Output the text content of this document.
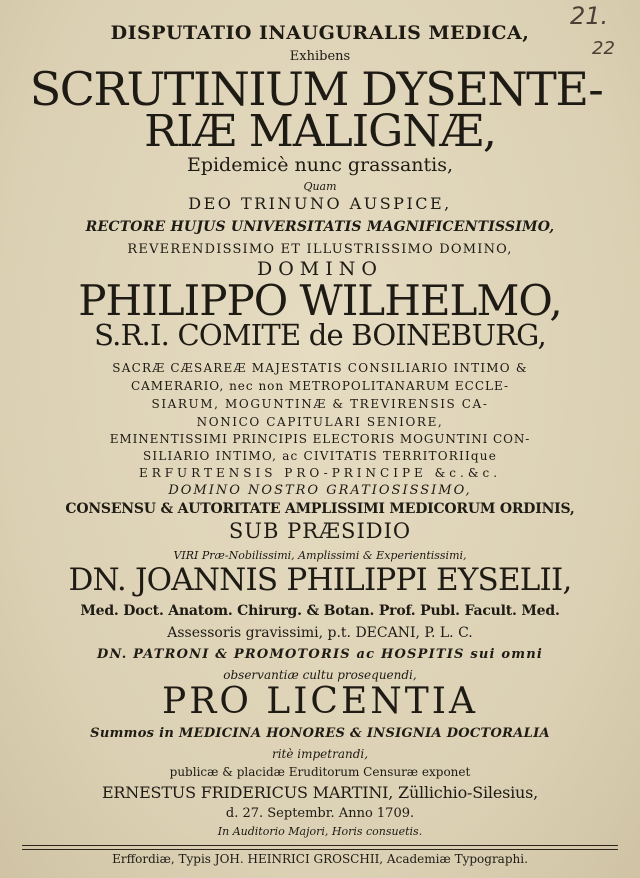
21.
22
DISPUTATIO INAUGURALIS MEDICA,
Exhibens
SCRUTINIUM DYSENTE-
RIÆ MALIGNÆ,
Epidemicè nunc grassantis,
Quam
DEO TRINUNO AUSPICE,
RECTORE HUJUS UNIVERSITATIS MAGNIFICENTISSIMO,
REVERENDISSIMO ET ILLUSTRISSIMO DOMINO,
DOMINO
PHILIPPO WILHELMO,
S.R.I. COMITE de BOINEBURG,
SACRÆ CÆSAREÆ MAJESTATIS CONSILIARIO INTIMO &
CAMERARIO, nec non METROPOLITANARUM ECCLE-
SIARUM, MOGUNTINÆ & TREVIRENSIS CA-
NONICO CAPITULARI SENIORE,
EMINENTISSIMI PRINCIPIS ELECTORIS MOGUNTINI CON-
SILIARIO INTIMO, ac CIVITATIS TERRITORIIque
ERFURTENSIS PRO-PRINCIPE &c.&c.
DOMINO NOSTRO GRATIOSISSIMO,
CONSENSU & AUTORITATE AMPLISSIMI MEDICORUM ORDINIS,
SUB PRÆSIDIO
VIRI Præ-Nobilissimi, Amplissimi & Experientissimi,
DN. JOANNIS PHILIPPI EYSELII,
Med. Doct. Anatom. Chirurg. & Botan. Prof. Publ. Facult. Med.
Assessoris gravissimi, p.t. DECANI, P. L. C.
DN. PATRONI & PROMOTORIS ac HOSPITIS sui omni
observantiæ cultu prosequendi,
PRO LICENTIA
Summos in MEDICINA HONORES & INSIGNIA DOCTORALIA
ritè impetrandi,
publicæ & placidæ Eruditorum Censuræ exponet
ERNESTUS FRIDERICUS MARTINI, Züllichio-Silesius,
d. 27. Septembr. Anno 1709.
In Auditorio Majori, Horis consuetis.
Erffordiæ, Typis JOH. HEINRICI GROSCHII, Academiæ Typographi.
